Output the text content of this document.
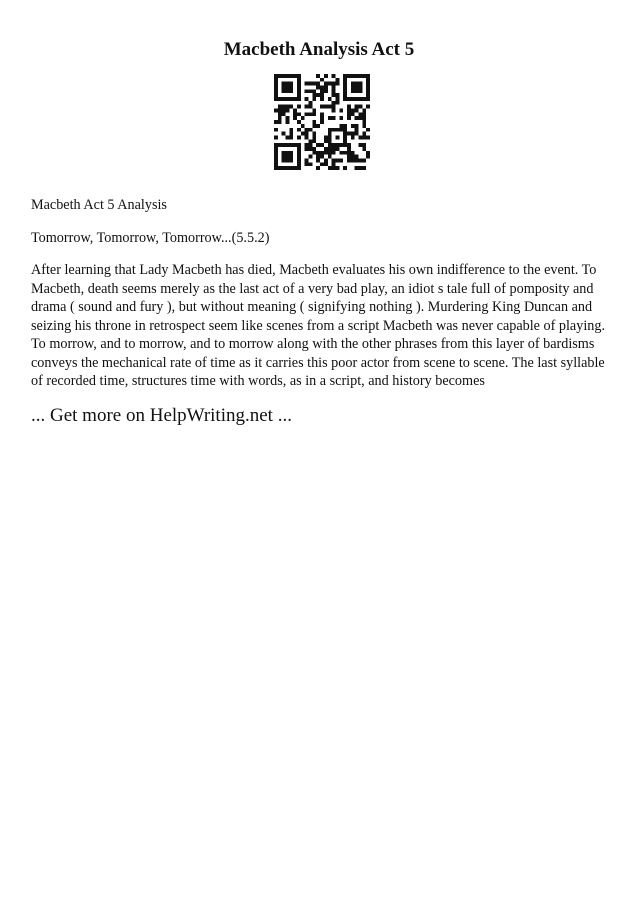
Macbeth Analysis Act 5

Macbeth Act 5 Analysis

Tomorrow, Tomorrow, Tomorrow...(5.5.2)

After learning that Lady Macbeth has died, Macbeth evaluates his own indifference to the event. To Macbeth, death seems merely as the last act of a very bad play, an idiot s tale full of pomposity and drama ( sound and fury ), but without meaning ( signifying nothing ). Murdering King Duncan and seizing his throne in retrospect seem like scenes from a script Macbeth was never capable of playing. To morrow, and to morrow, and to morrow along with the other phrases from this layer of bardisms conveys the mechanical rate of time as it carries this poor actor from scene to scene. The last syllable of recorded time, structures time with words, as in a script, and history becomes

... Get more on HelpWriting.net ...
